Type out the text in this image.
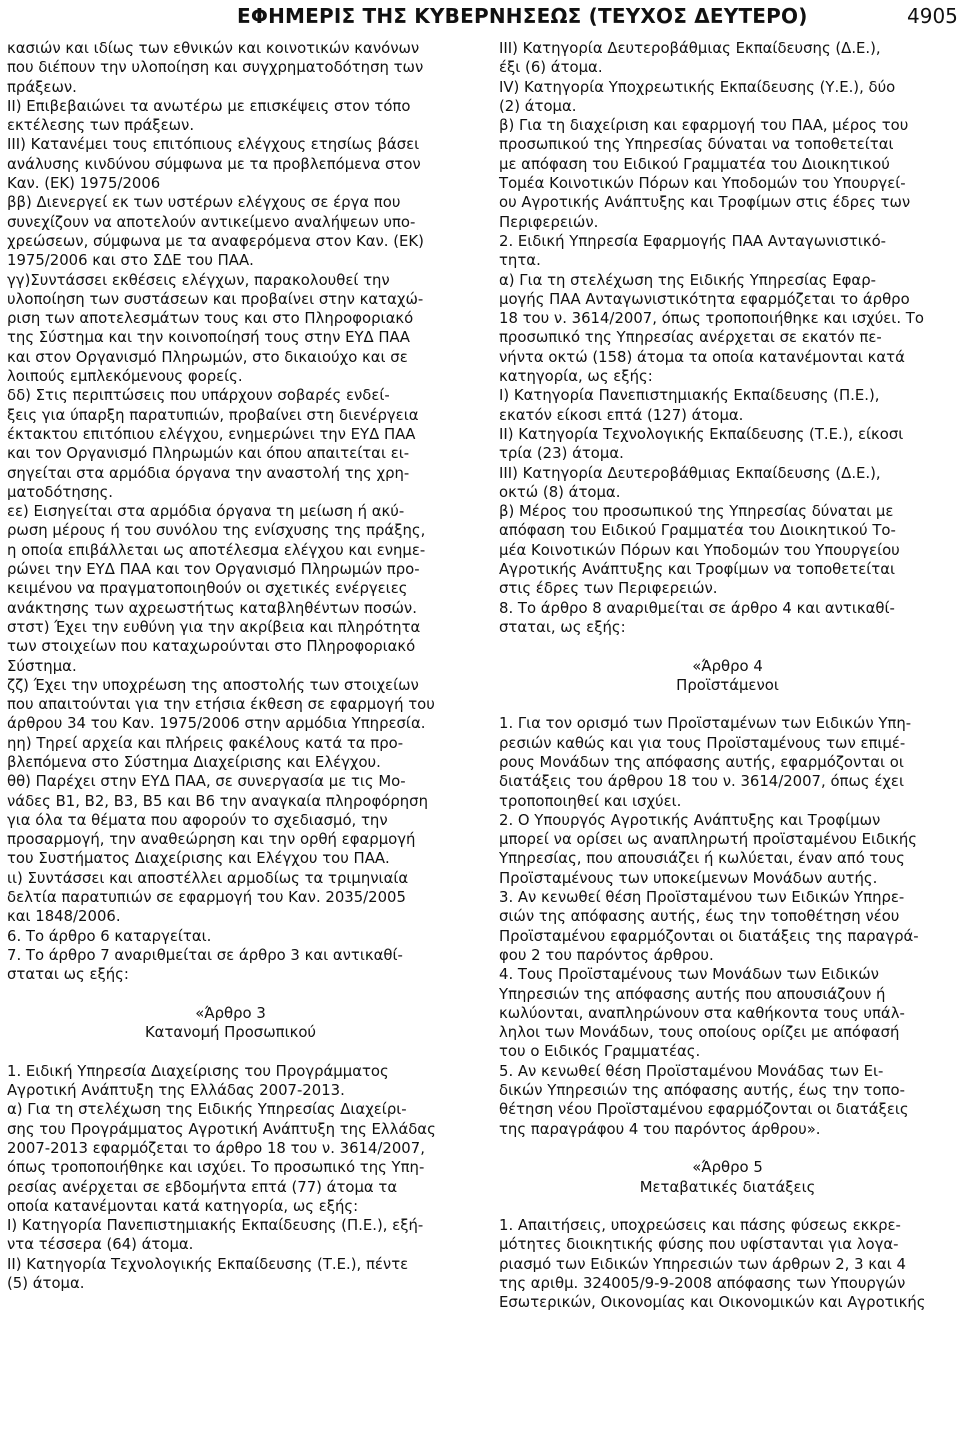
ΕΦΗΜΕΡΙΣ ΤΗΣ ΚΥΒΕΡΝΗΣΕΩΣ (ΤΕΥΧΟΣ ΔΕΥΤΕΡΟ)	4905
κασιών και ιδίως των εθνικών και κοινοτικών κανόνων
που διέπουν την υλοποίηση και συγχρηματοδότηση των
πράξεων.
ΙΙ) Επιβεβαιώνει τα ανωτέρω με επισκέψεις στον τόπο
εκτέλεσης των πράξεων.
ΙΙΙ) Κατανέμει τους επιτόπιους ελέγχους ετησίως βάσει
ανάλυσης κινδύνου σύμφωνα με τα προβλεπόμενα στον
Καν. (ΕΚ) 1975/2006
ββ) Διενεργεί εκ των υστέρων ελέγχους σε έργα που
συνεχίζουν να αποτελούν αντικείμενο αναλήψεων υπο-
χρεώσεων, σύμφωνα με τα αναφερόμενα στον Καν. (ΕΚ)
1975/2006 και στο ΣΔΕ του ΠΑΑ.
γγ)Συντάσσει εκθέσεις ελέγχων, παρακολουθεί την
υλοποίηση των συστάσεων και προβαίνει στην καταχώ-
ριση των αποτελεσμάτων τους και στο Πληροφοριακό
της Σύστημα και την κοινοποίησή τους στην ΕΥΔ ΠΑΑ
και στον Οργανισμό Πληρωμών, στο δικαιούχο και σε
λοιπούς εμπλεκόμενους φορείς.
δδ) Στις περιπτώσεις που υπάρχουν σοβαρές ενδεί-
ξεις για ύπαρξη παρατυπιών, προβαίνει στη διενέργεια
έκτακτου επιτόπιου ελέγχου, ενημερώνει την ΕΥΔ ΠΑΑ
και τον Οργανισμό Πληρωμών και όπου απαιτείται ει-
σηγείται στα αρμόδια όργανα την αναστολή της χρη-
ματοδότησης.
εε) Εισηγείται στα αρμόδια όργανα τη μείωση ή ακύ-
ρωση μέρους ή του συνόλου της ενίσχυσης της πράξης,
η οποία επιβάλλεται ως αποτέλεσμα ελέγχου και ενημε-
ρώνει την ΕΥΔ ΠΑΑ και τον Οργανισμό Πληρωμών προ-
κειμένου να πραγματοποιηθούν οι σχετικές ενέργειες
ανάκτησης των αχρεωστήτως καταβληθέντων ποσών.
στστ) Έχει την ευθύνη για την ακρίβεια και πληρότητα
των στοιχείων που καταχωρούνται στο Πληροφοριακό
Σύστημα.
ζζ) Έχει την υποχρέωση της αποστολής των στοιχείων
που απαιτούνται για την ετήσια έκθεση σε εφαρμογή του
άρθρου 34 του Καν. 1975/2006 στην αρμόδια Υπηρεσία.
ηη) Τηρεί αρχεία και πλήρεις φακέλους κατά τα προ-
βλεπόμενα στο Σύστημα Διαχείρισης και Ελέγχου.
θθ) Παρέχει στην ΕΥΔ ΠΑΑ, σε συνεργασία με τις Μο-
νάδες Β1, Β2, Β3, Β5 και Β6 την αναγκαία πληροφόρηση
για όλα τα θέματα που αφορούν το σχεδιασμό, την
προσαρμογή, την αναθεώρηση και την ορθή εφαρμογή
του Συστήματος Διαχείρισης και Ελέγχου του ΠΑΑ.
ιι) Συντάσσει και αποστέλλει αρμοδίως τα τριμηνιαία
δελτία παρατυπιών σε εφαρμογή του Καν. 2035/2005
και 1848/2006.
6. Το άρθρο 6 καταργείται.
7. Το άρθρο 7 αναριθμείται σε άρθρο 3 και αντικαθί-
σταται ως εξής:
«Άρθρο 3
Κατανομή Προσωπικού
1. Ειδική Υπηρεσία Διαχείρισης του Προγράμματος
Αγροτική Ανάπτυξη της Ελλάδας 2007-2013.
α) Για τη στελέχωση της Ειδικής Υπηρεσίας Διαχείρι-
σης του Προγράμματος Αγροτική Ανάπτυξη της Ελλάδας
2007-2013 εφαρμόζεται το άρθρο 18 του ν. 3614/2007,
όπως τροποποιήθηκε και ισχύει. Το προσωπικό της Υπη-
ρεσίας ανέρχεται σε εβδομήντα επτά (77) άτομα τα
οποία κατανέμονται κατά κατηγορία, ως εξής:
Ι) Κατηγορία Πανεπιστημιακής Εκπαίδευσης (Π.Ε.), εξή-
ντα τέσσερα (64) άτομα.
ΙΙ) Κατηγορία Τεχνολογικής Εκπαίδευσης (Τ.Ε.), πέντε
(5) άτομα.
ΙΙΙ) Κατηγορία Δευτεροβάθμιας Εκπαίδευσης (Δ.Ε.),
έξι (6) άτομα.
ΙV) Κατηγορία Υποχρεωτικής Εκπαίδευσης (Υ.Ε.), δύο
(2) άτομα.
β) Για τη διαχείριση και εφαρμογή του ΠΑΑ, μέρος του
προσωπικού της Υπηρεσίας δύναται να τοποθετείται
με απόφαση του Ειδικού Γραμματέα του Διοικητικού
Τομέα Κοινοτικών Πόρων και Υποδομών του Υπουργεί-
ου Αγροτικής Ανάπτυξης και Τροφίμων στις έδρες των
Περιφερειών.
2. Ειδική Υπηρεσία Εφαρμογής ΠΑΑ Ανταγωνιστικό-
τητα.
α) Για τη στελέχωση της Ειδικής Υπηρεσίας Εφαρ-
μογής ΠΑΑ Ανταγωνιστικότητα εφαρμόζεται το άρθρο
18 του ν. 3614/2007, όπως τροποποιήθηκε και ισχύει. Το
προσωπικό της Υπηρεσίας ανέρχεται σε εκατόν πε-
νήντα οκτώ (158) άτομα τα οποία κατανέμονται κατά
κατηγορία, ως εξής:
Ι) Κατηγορία Πανεπιστημιακής Εκπαίδευσης (Π.Ε.),
εκατόν είκοσι επτά (127) άτομα.
ΙΙ) Κατηγορία Τεχνολογικής Εκπαίδευσης (Τ.Ε.), είκοσι
τρία (23) άτομα.
ΙΙΙ) Κατηγορία Δευτεροβάθμιας Εκπαίδευσης (Δ.Ε.),
οκτώ (8) άτομα.
β) Μέρος του προσωπικού της Υπηρεσίας δύναται με
απόφαση του Ειδικού Γραμματέα του Διοικητικού Το-
μέα Κοινοτικών Πόρων και Υποδομών του Υπουργείου
Αγροτικής Ανάπτυξης και Τροφίμων να τοποθετείται
στις έδρες των Περιφερειών.
8. Το άρθρο 8 αναριθμείται σε άρθρο 4 και αντικαθί-
σταται, ως εξής:
«Άρθρο 4
Προϊστάμενοι
1. Για τον ορισμό των Προϊσταμένων των Ειδικών Υπη-
ρεσιών καθώς και για τους Προϊσταμένους των επιμέ-
ρους Μονάδων της απόφασης αυτής, εφαρμόζονται οι
διατάξεις του άρθρου 18 του ν. 3614/2007, όπως έχει
τροποποιηθεί και ισχύει.
2. Ο Υπουργός Αγροτικής Ανάπτυξης και Τροφίμων
μπορεί να ορίσει ως αναπληρωτή προϊσταμένου Ειδικής
Υπηρεσίας, που απουσιάζει ή κωλύεται, έναν από τους
Προϊσταμένους των υποκείμενων Μονάδων αυτής.
3. Αν κενωθεί θέση Προϊσταμένου των Ειδικών Υπηρε-
σιών της απόφασης αυτής, έως την τοποθέτηση νέου
Προϊσταμένου εφαρμόζονται οι διατάξεις της παραγρά-
φου 2 του παρόντος άρθρου.
4. Τους Προϊσταμένους των Μονάδων των Ειδικών
Υπηρεσιών της απόφασης αυτής που απουσιάζουν ή
κωλύονται, αναπληρώνουν στα καθήκοντα τους υπάλ-
ληλοι των Μονάδων, τους οποίους ορίζει με απόφασή
του ο Ειδικός Γραμματέας.
5. Αν κενωθεί θέση Προϊσταμένου Μονάδας των Ει-
δικών Υπηρεσιών της απόφασης αυτής, έως την τοπο-
θέτηση νέου Προϊσταμένου εφαρμόζονται οι διατάξεις
της παραγράφου 4 του παρόντος άρθρου».
«Άρθρο 5
Μεταβατικές διατάξεις
1. Απαιτήσεις, υποχρεώσεις και πάσης φύσεως εκκρε-
μότητες διοικητικής φύσης που υφίστανται για λογα-
ριασμό των Ειδικών Υπηρεσιών των άρθρων 2, 3 και 4
της αριθμ. 324005/9-9-2008 απόφασης των Υπουργών
Εσωτερικών, Οικονομίας και Οικονομικών και Αγροτικής
